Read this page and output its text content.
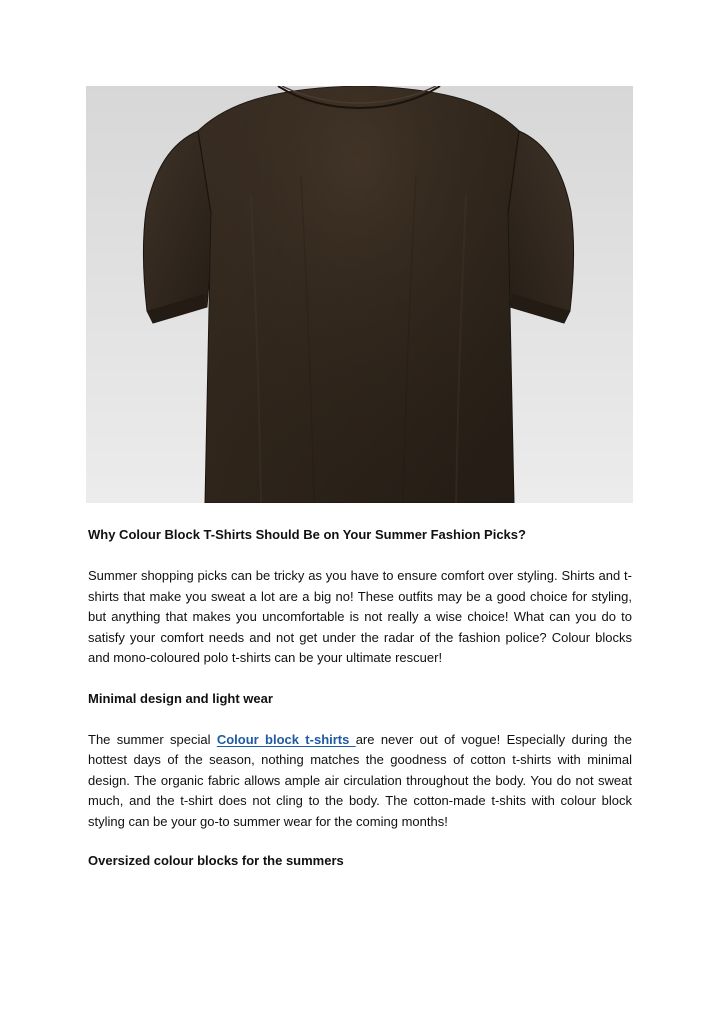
Why Colour Block T-Shirts Should Be on Your Summer Fashion Picks?

Summer shopping picks can be tricky as you have to ensure comfort over styling. Shirts and t-shirts that make you sweat a lot are a big no! These outfits may be a good choice for styling, but anything that makes you uncomfortable is not really a wise choice! What can you do to satisfy your comfort needs and not get under the radar of the fashion police? Colour blocks and mono-coloured polo t-shirts can be your ultimate rescuer!

Minimal design and light wear

The summer special Colour block t-shirts are never out of vogue! Especially during the hottest days of the season, nothing matches the goodness of cotton t-shirts with minimal design. The organic fabric allows ample air circulation throughout the body. You do not sweat much, and the t-shirt does not cling to the body. The cotton-made t-shits with colour block styling can be your go-to summer wear for the coming months!

Oversized colour blocks for the summers
